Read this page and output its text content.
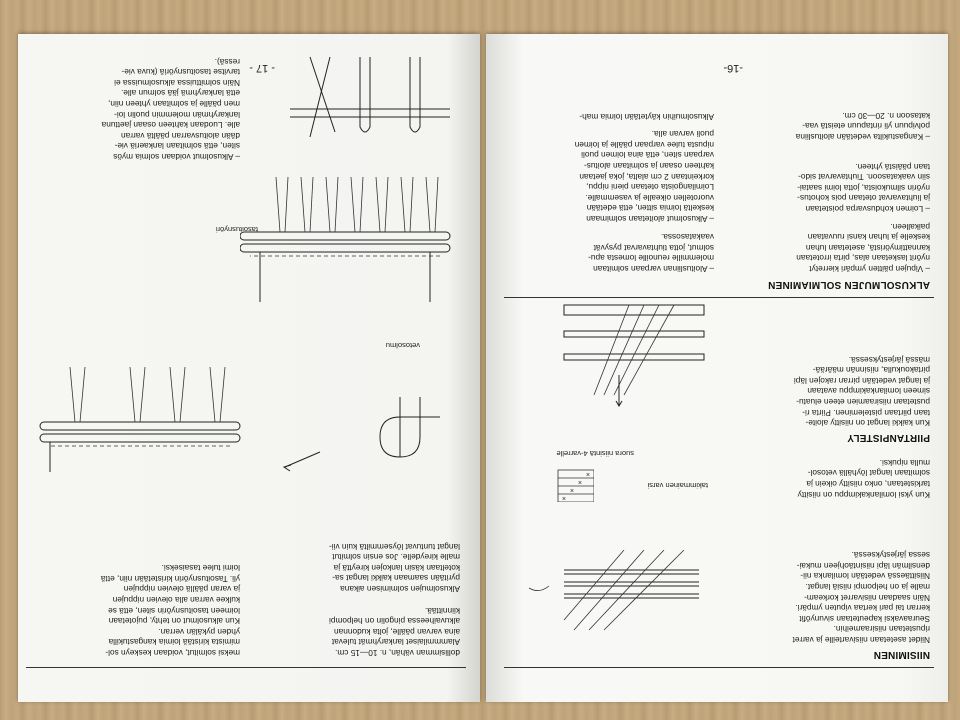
NIISIMINEN
Niidet asetetaan niisivarteille ja varret
ripustetaan niisiraameihin.
Seuraavaksi kapeutetaan sivunyöfit
kerran tai pari kertaa viputen ympäri.
Näin saadaan niisivarret korkeam-
malle ja on helpompi niisiä langat.
Niisittäessä vedetään lomilanka nii-
densilmän läpi niisintäohjeen mukai-
sessa järjestyksessä.
Kun yksi lomilankakimppu on niisitty
tarkistetaan, onko niisitty oikein ja
solmitaan langat löyhällä vetosol-
mulla nipuksi.
PIIRTANPISTELY
Kun kaikki langat on niisitty aloite-
taan piirtaan pistelеminen. Piirta ri-
pustetaan niisiraamien eteen eluatu-
simeen lomilankakimppu avataan
ja langat vedetään pirran rakojen läpi
pirtakoukulla, niisinnän määrää-
mässä järjestyksessä.
takimmainen varsi
×
×
×
×
suora niisintä 4-varrelle
ALKUSOLMUJEN SOLMIAMINEN
– Vipujen päitten ympäri kierretyt
nyörit lasketaan alas, pirta irrotetaan
kannattimyöristä, asetetaan luhan
keskelle ja luhan kansi ruuvataan
paikalleen.
– Loimen kohdusvarpa poistetaan
ja liuhtavarvat otetaan pois kohotus-
nyörin silmukoista, jotta loimi saatai-
siin vaakatasoon. Tiuhtavarvat sido-
taan pääistä yhteen.
– Kangastukilta vedetään aloitusliina
polvipuun yli rintapuun eteistä vaa-
katasoon n. 20—30 cm.
– Aloitusliinan varpaan solmitaan
molemmille reunoille lomesta apu-
solmut, jotta tiuhtavarvat pysyvät
vaakatasossa.
– Alkusolmut aloitetaan solmimaan
keskeltä loimia sitten, että edetään
vuorotellen oikealle ja vasemmalle.
Loimilangoista otetaan pieni nippu,
korkeintaan 2 cm alalta, joka jaetaan
kahteen osaan ja solmitaan aloitus-
varpaan siten, että aina loimen puoli
nipusta tulee varpaan päälle ja loimen
puoli varvan alla.
Alkusolmuihin käytetään loimia mah-
-16-
dollisimman vähän, n. 10—15 cm.
Alammmilaiset lankaryhmät tulevat
aina varvan päälle, jolta kudonnan
alkuvaiheessa pingolin on helpompi
kiinnittää.
Alkusolmujen solmimisen aikana
pyritään saamaan kaikki langat sa-
koteltaan käsin lankojen kireyttä ja
malle kireydelle. Jos ensin solmitut
langat tuntuvat löysemmiltä kuin vii-
meksi solmitut, voidaan keskeyn sol-
mimista kiristää loimia kangastukilla
yhden pykälän verran.
Kun alkusolmut on tehty, pujotetaan
loimeen tasoitusnyörin siten, että se
kulkee varran alla olevien nippujen
ja varan päällä olevien nippujen
yli. Tasoitusnyörin kiristetään niin, että
loimi tulee tasaiseksi.
vetosolmu
tasoitusnyöri
– Alkusolmut voidaan solmia myös
siten, että solmitaan lankaeriä vie-
dään aloitusvarran päältä varran
alle. Luodaan kahteen osaan jaettuna
lankaryhmän molemmin puolin loi-
men päälle ja solmitaan yhteen niin,
että lankaryhmä jää solmun alle.
Näin solmittuissa alkusolmuissa ei
tarvitse tasoitusnyöriä (kuva vie-
ressä).
- 17 -
